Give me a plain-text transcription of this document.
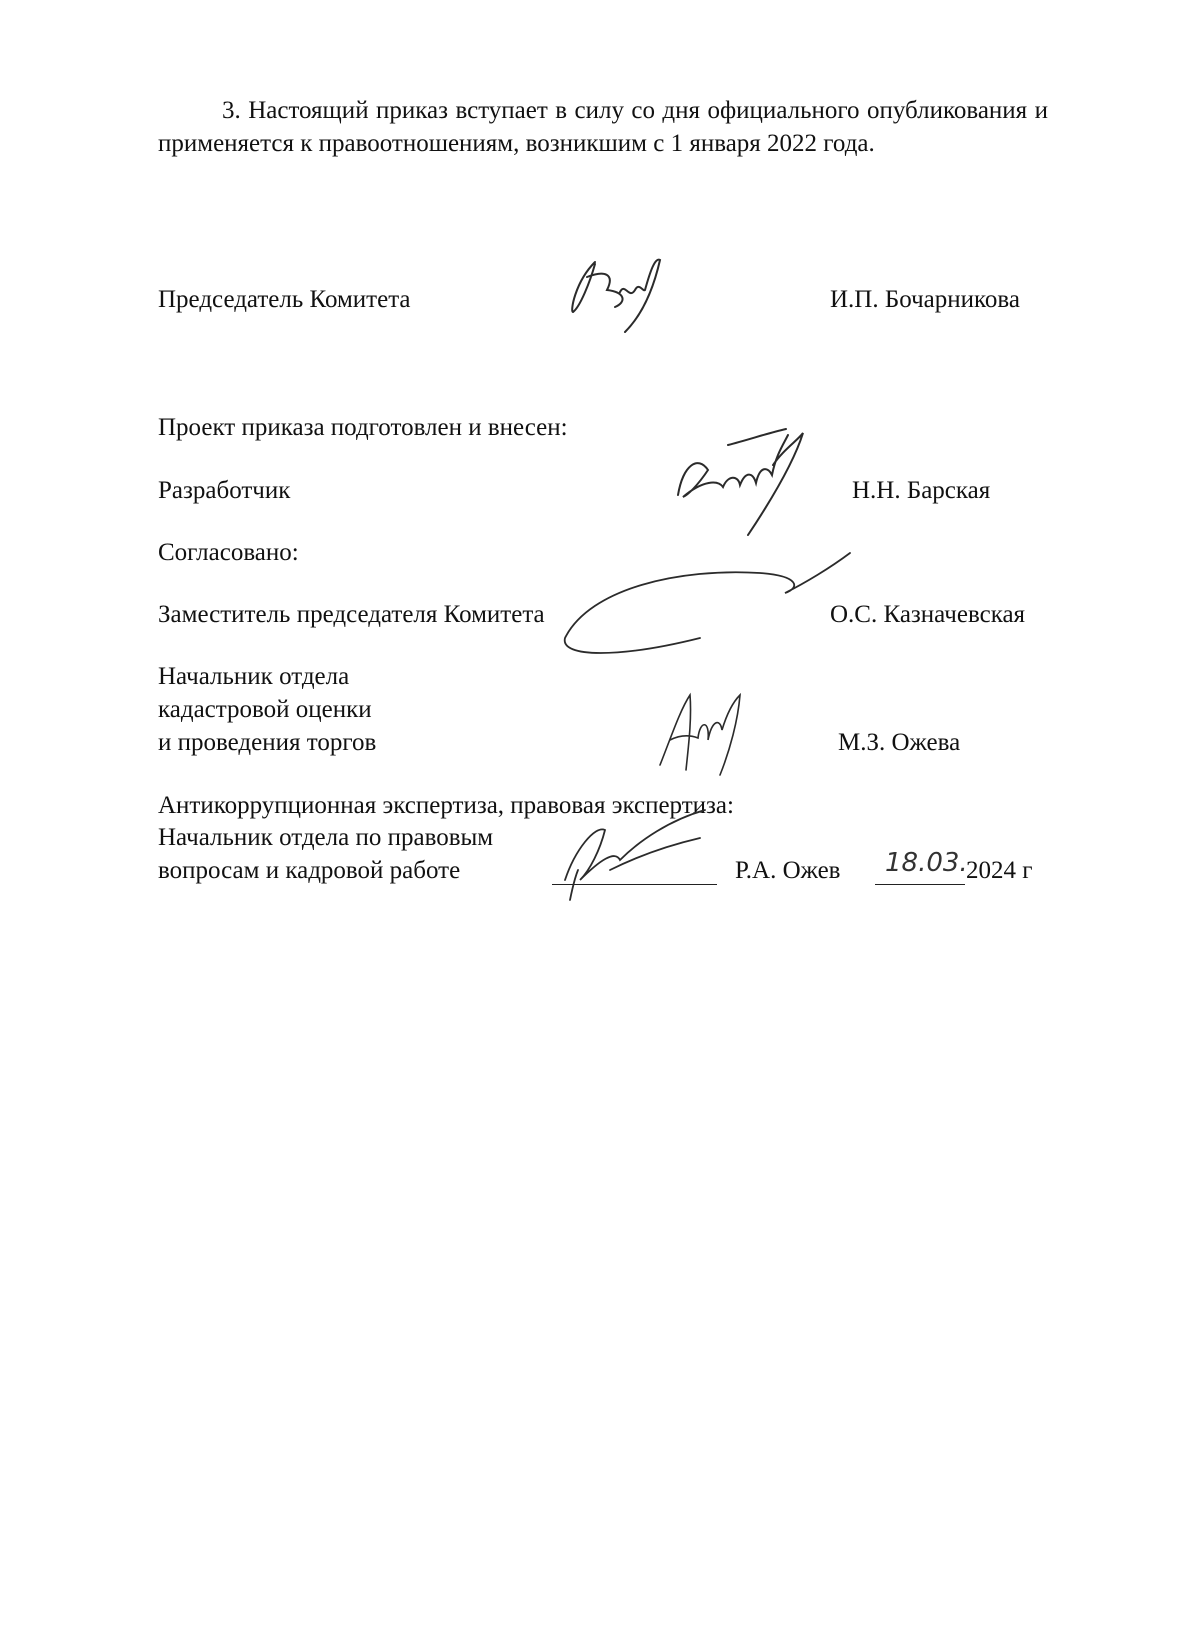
3. Настоящий приказ вступает в силу со дня официального опубликования и применяется к правоотношениям, возникшим с 1 января 2022 года.
Председатель Комитета	И.П. Бочарникова
Проект приказа подготовлен и внесен:
Разработчик	Н.Н. Барская
Согласовано:
Заместитель председателя Комитета	О.С. Казначевская
Начальник отдела
кадастровой оценки
и проведения торгов	М.З. Ожева
Антикоррупционная экспертиза, правовая экспертиза:
Начальник отдела по правовым
вопросам и кадровой работе	Р.А. Ожев 18.03.
2024 г
